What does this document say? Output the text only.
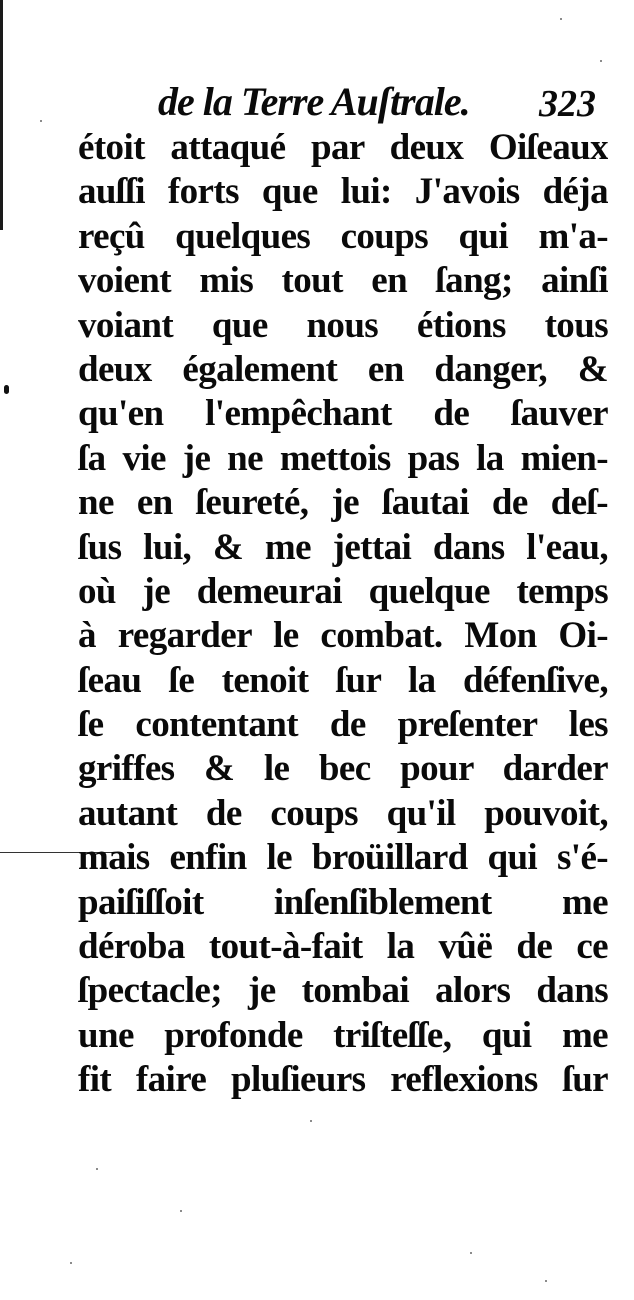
de la Terre Auſtrale. 323
étoit attaqué par deux Oiſeaux
auſſi forts que lui: J'avois déja
reçû quelques coups qui m'a-
voient mis tout en ſang; ainſi
voiant que nous étions tous
deux également en danger, &
qu'en l'empêchant de ſauver
ſa vie je ne mettois pas la mien-
ne en ſeureté, je ſautai de deſ-
ſus lui, & me jettai dans l'eau,
où je demeurai quelque temps
à regarder le combat. Mon Oi-
ſeau ſe tenoit ſur la défenſive,
ſe contentant de preſenter les
griffes & le bec pour darder
autant de coups qu'il pouvoit,
mais enfin le broüillard qui s'é-
paiſiſſoit inſenſiblement me
déroba tout-à-fait la vûë de ce
ſpectacle; je tombai alors dans
une profonde triſteſſe, qui me
fit faire pluſieurs reflexions ſur
